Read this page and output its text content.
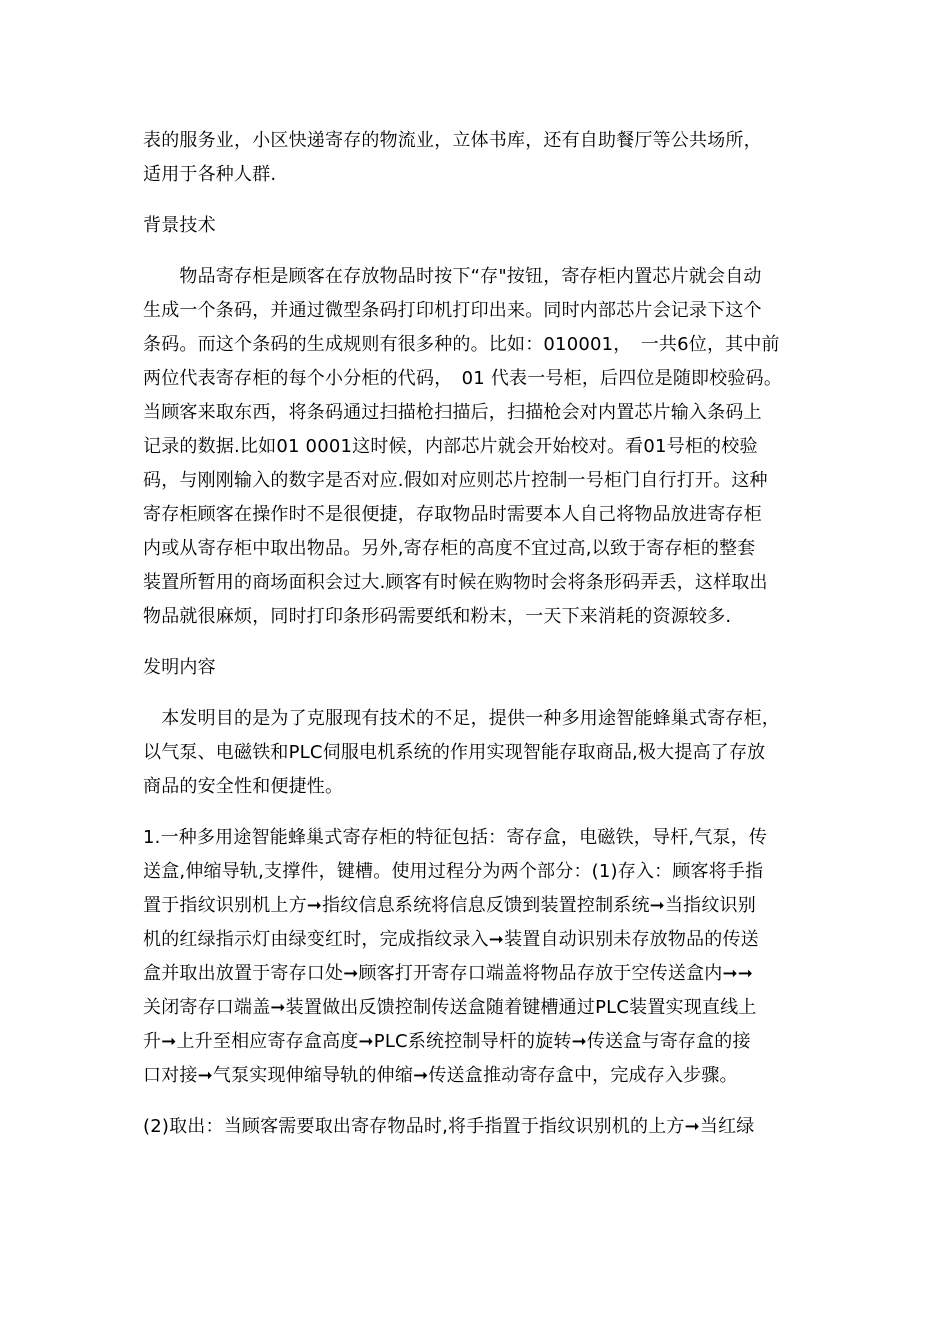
表的服务业，小区快递寄存的物流业，立体书库，还有自助餐厅等公共场所，
适用于各种人群.
背景技术
　　物品寄存柜是顾客在存放物品时按下“存"按钮，寄存柜内置芯片就会自动
生成一个条码，并通过微型条码打印机打印出来。同时内部芯片会记录下这个
条码。而这个条码的生成规则有很多种的。比如：010001，　一共6位，其中前
两位代表寄存柜的每个小分柜的代码，　01 代表一号柜，后四位是随即校验码。
当顾客来取东西，将条码通过扫描枪扫描后，扫描枪会对内置芯片输入条码上
记录的数据.比如01 0001这时候，内部芯片就会开始校对。看01号柜的校验
码，与刚刚输入的数字是否对应.假如对应则芯片控制一号柜门自行打开。这种
寄存柜顾客在操作时不是很便捷，存取物品时需要本人自己将物品放进寄存柜
内或从寄存柜中取出物品。另外,寄存柜的高度不宜过高,以致于寄存柜的整套
装置所暂用的商场面积会过大.顾客有时候在购物时会将条形码弄丢，这样取出
物品就很麻烦，同时打印条形码需要纸和粉末，一天下来消耗的资源较多.
发明内容
　本发明目的是为了克服现有技术的不足，提供一种多用途智能蜂巢式寄存柜，
以气泵、电磁铁和PLC伺服电机系统的作用实现智能存取商品,极大提高了存放
商品的安全性和便捷性。
1.一种多用途智能蜂巢式寄存柜的特征包括：寄存盒，电磁铁，导杆,气泵，传
送盒,伸缩导轨,支撑件，键槽。使用过程分为两个部分：(1)存入：顾客将手指
置于指纹识别机上方➞指纹信息系统将信息反馈到装置控制系统➞当指纹识别
机的红绿指示灯由绿变红时，完成指纹录入➞装置自动识别未存放物品的传送
盒并取出放置于寄存口处➞顾客打开寄存口端盖将物品存放于空传送盒内➞➞
关闭寄存口端盖➞装置做出反馈控制传送盒随着键槽通过PLC装置实现直线上
升➞上升至相应寄存盒高度➞PLC系统控制导杆的旋转➞传送盒与寄存盒的接
口对接➞气泵实现伸缩导轨的伸缩➞传送盒推动寄存盒中，完成存入步骤。
(2)取出：当顾客需要取出寄存物品时,将手指置于指纹识别机的上方➞当红绿
